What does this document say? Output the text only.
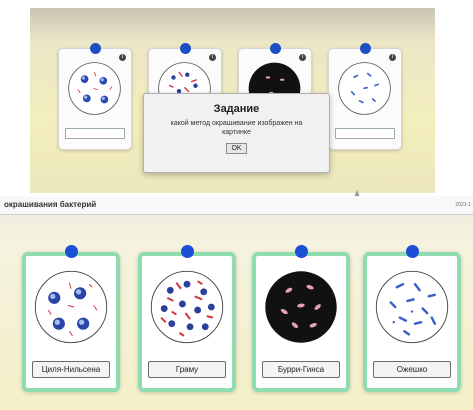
i	i	i	i
Задание
какой метод окрашивание изображен на картинке
OK
окрашивания бактерий	2021-1
Циля-Нильсена	Граму	Бурри-Гинса	Ожешко
